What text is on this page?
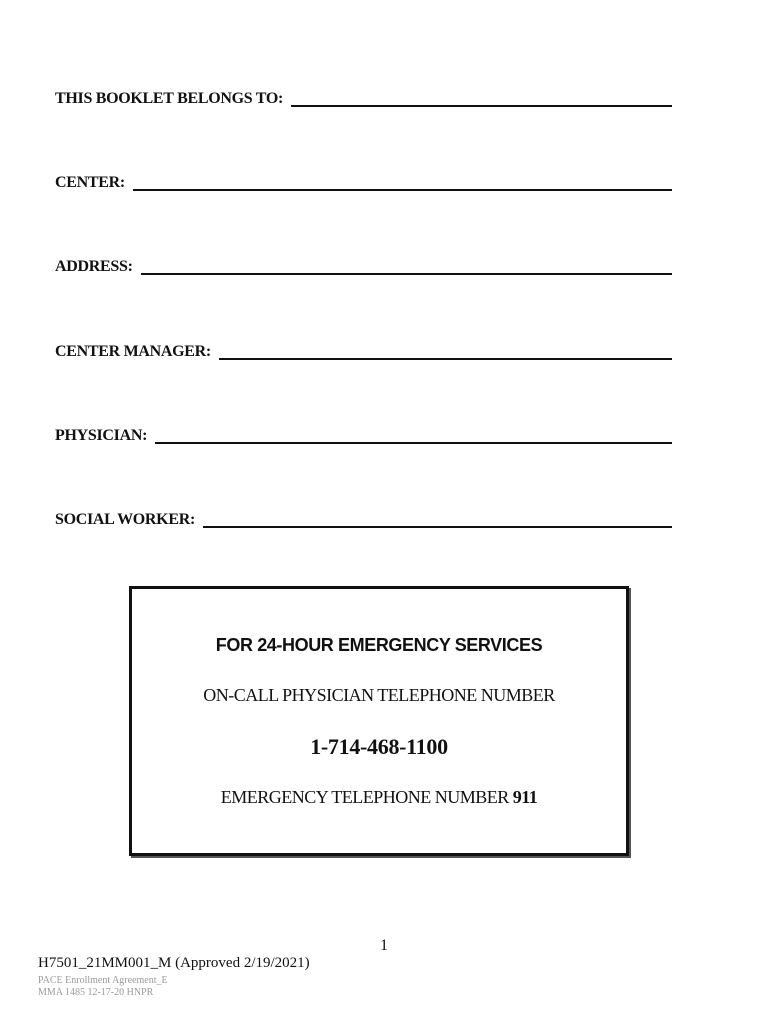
THIS BOOKLET BELONGS TO:
CENTER:
ADDRESS:
CENTER MANAGER:
PHYSICIAN:
SOCIAL WORKER:
FOR 24-HOUR EMERGENCY SERVICES
ON-CALL PHYSICIAN TELEPHONE NUMBER
1-714-468-1100
EMERGENCY TELEPHONE NUMBER 911
1
H7501_21MM001_M (Approved 2/19/2021)
PACE Enrollment Agreement_E
MMA 1485 12-17-20 HNPR
